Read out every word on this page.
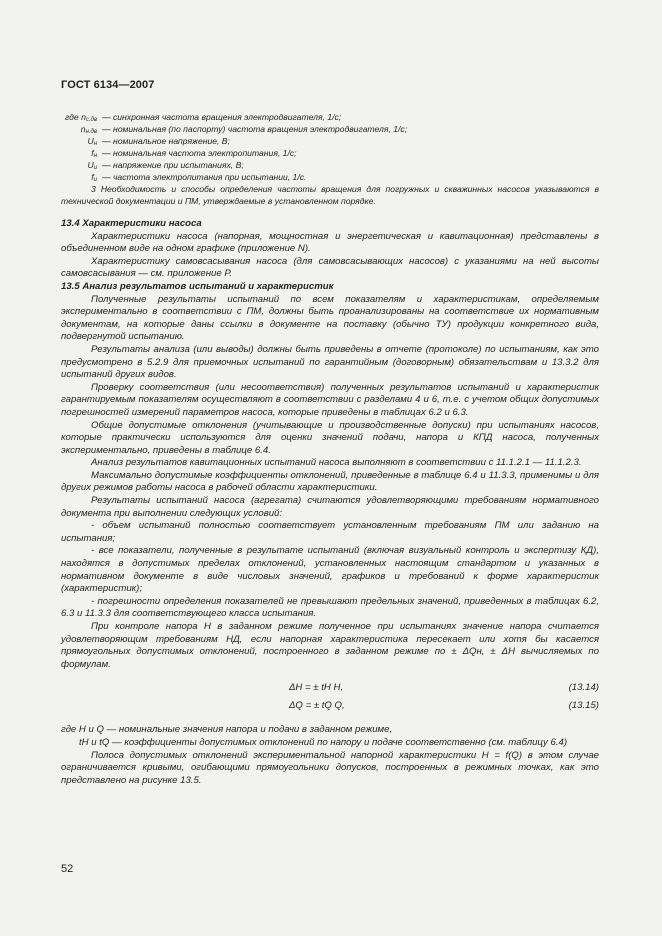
ГОСТ 6134—2007
где $n_{c.дв}$ — синхронная частота вращения электродвигателя, 1/с;
$n_{н.дв}$ — номинальная (по паспорту) частота вращения электродвигателя, 1/с;
$U_н$ — номинальное напряжение, В;
$f_н$ — номинальная частота электропитания, 1/с;
$U_и$ — напряжение при испытаниях, В;
$f_и$ — частота электропитания при испытании, 1/с.

3 Необходимость и способы определения частоты вращения для погружных и скважинных насосов указываются в технической документации и ПМ, утверждаемые в установленном порядке.

13.4 Характеристики насоса

Характеристики насоса (напорная, мощностная и энергетическая и кавитационная) представлены в объединенном виде на одном графике (приложение N).

Характеристику самовсасывания насоса (для самовсасывающих насосов) с указаниями на ней высоты самовсасывания — см. приложение Р.

13.5 Анализ результатов испытаний и характеристик

Полученные результаты испытаний по всем показателям и характеристикам, определяемым экспериментально в соответствии с ПМ, должны быть проанализированы на соответствие их нормативным документам, на которые даны ссылки в документе на поставку (обычно ТУ) продукции конкретного вида, подвергнутой испытанию.

Результаты анализа (или выводы) должны быть приведены в отчете (протоколе) по испытаниям, как это предусмотрено в 5.2.9 для приемочных испытаний по гарантийным (договорным) обязательствам и 13.3.2 для испытаний других видов.

Проверку соответствия (или несоответствия) полученных результатов испытаний и характеристик гарантируемым показателям осуществляют в соответствии с разделами 4 и 6, т.е. с учетом общих допустимых погрешностей измерений параметров насоса, которые приведены в таблицах 6.2 и 6.3.

Общие допустимые отклонения (учитывающие и производственные допуски) при испытаниях насосов, которые практически используются для оценки значений подачи, напора и КПД насоса, полученных экспериментально, приведены в таблице 6.4.

Анализ результатов кавитационных испытаний насоса выполняют в соответствии с 11.1.2.1 — 11.1.2.3.

Максимально допустимые коэффициенты отклонений, приведенные в таблице 6.4 и 11.3.3, применимы и для других режимов работы насоса в рабочей области характеристики.

Результаты испытаний насоса (агрегата) считаются удовлетворяющими требованиям нормативного документа при выполнении следующих условий:

- объем испытаний полностью соответствует установленным требованиям ПМ или заданию на испытания;

- все показатели, полученные в результате испытаний (включая визуальный контроль и экспертизу КД), находятся в допустимых пределах отклонений, установленных настоящим стандартом и указанных в нормативном документе в виде числовых значений, графиков и требований к форме характеристик (характеристик);

- погрешности определения показателей не превышают предельных значений, приведенных в таблицах 6.2, 6.3 и 11.3.3 для соответствующего класса испытания.

При контроле напора H в заданном режиме полученное при испытаниях значение напора считается удовлетворяющим требованиям НД, если напорная характеристика пересекает или хотя бы касается прямоугольных допустимых отклонений, построенного в заданном режиме по ± ΔQн, ± ΔH вычисляемых по формулам.

ΔH = ± tH H,	(13.14)
ΔQ = ± tQ Q,	(13.15)

где H и Q — номинальные значения напора и подачи в заданном режиме,

tH и tQ — коэффициенты допустимых отклонений по напору и подаче соответственно (см. таблицу 6.4)

Полоса допустимых отклонений экспериментальной напорной характеристики H = f(Q) в этом случае ограничивается кривыми, огибающими прямоугольники допусков, построенных в режимных точках, как это представлено на рисунке 13.5.

52
